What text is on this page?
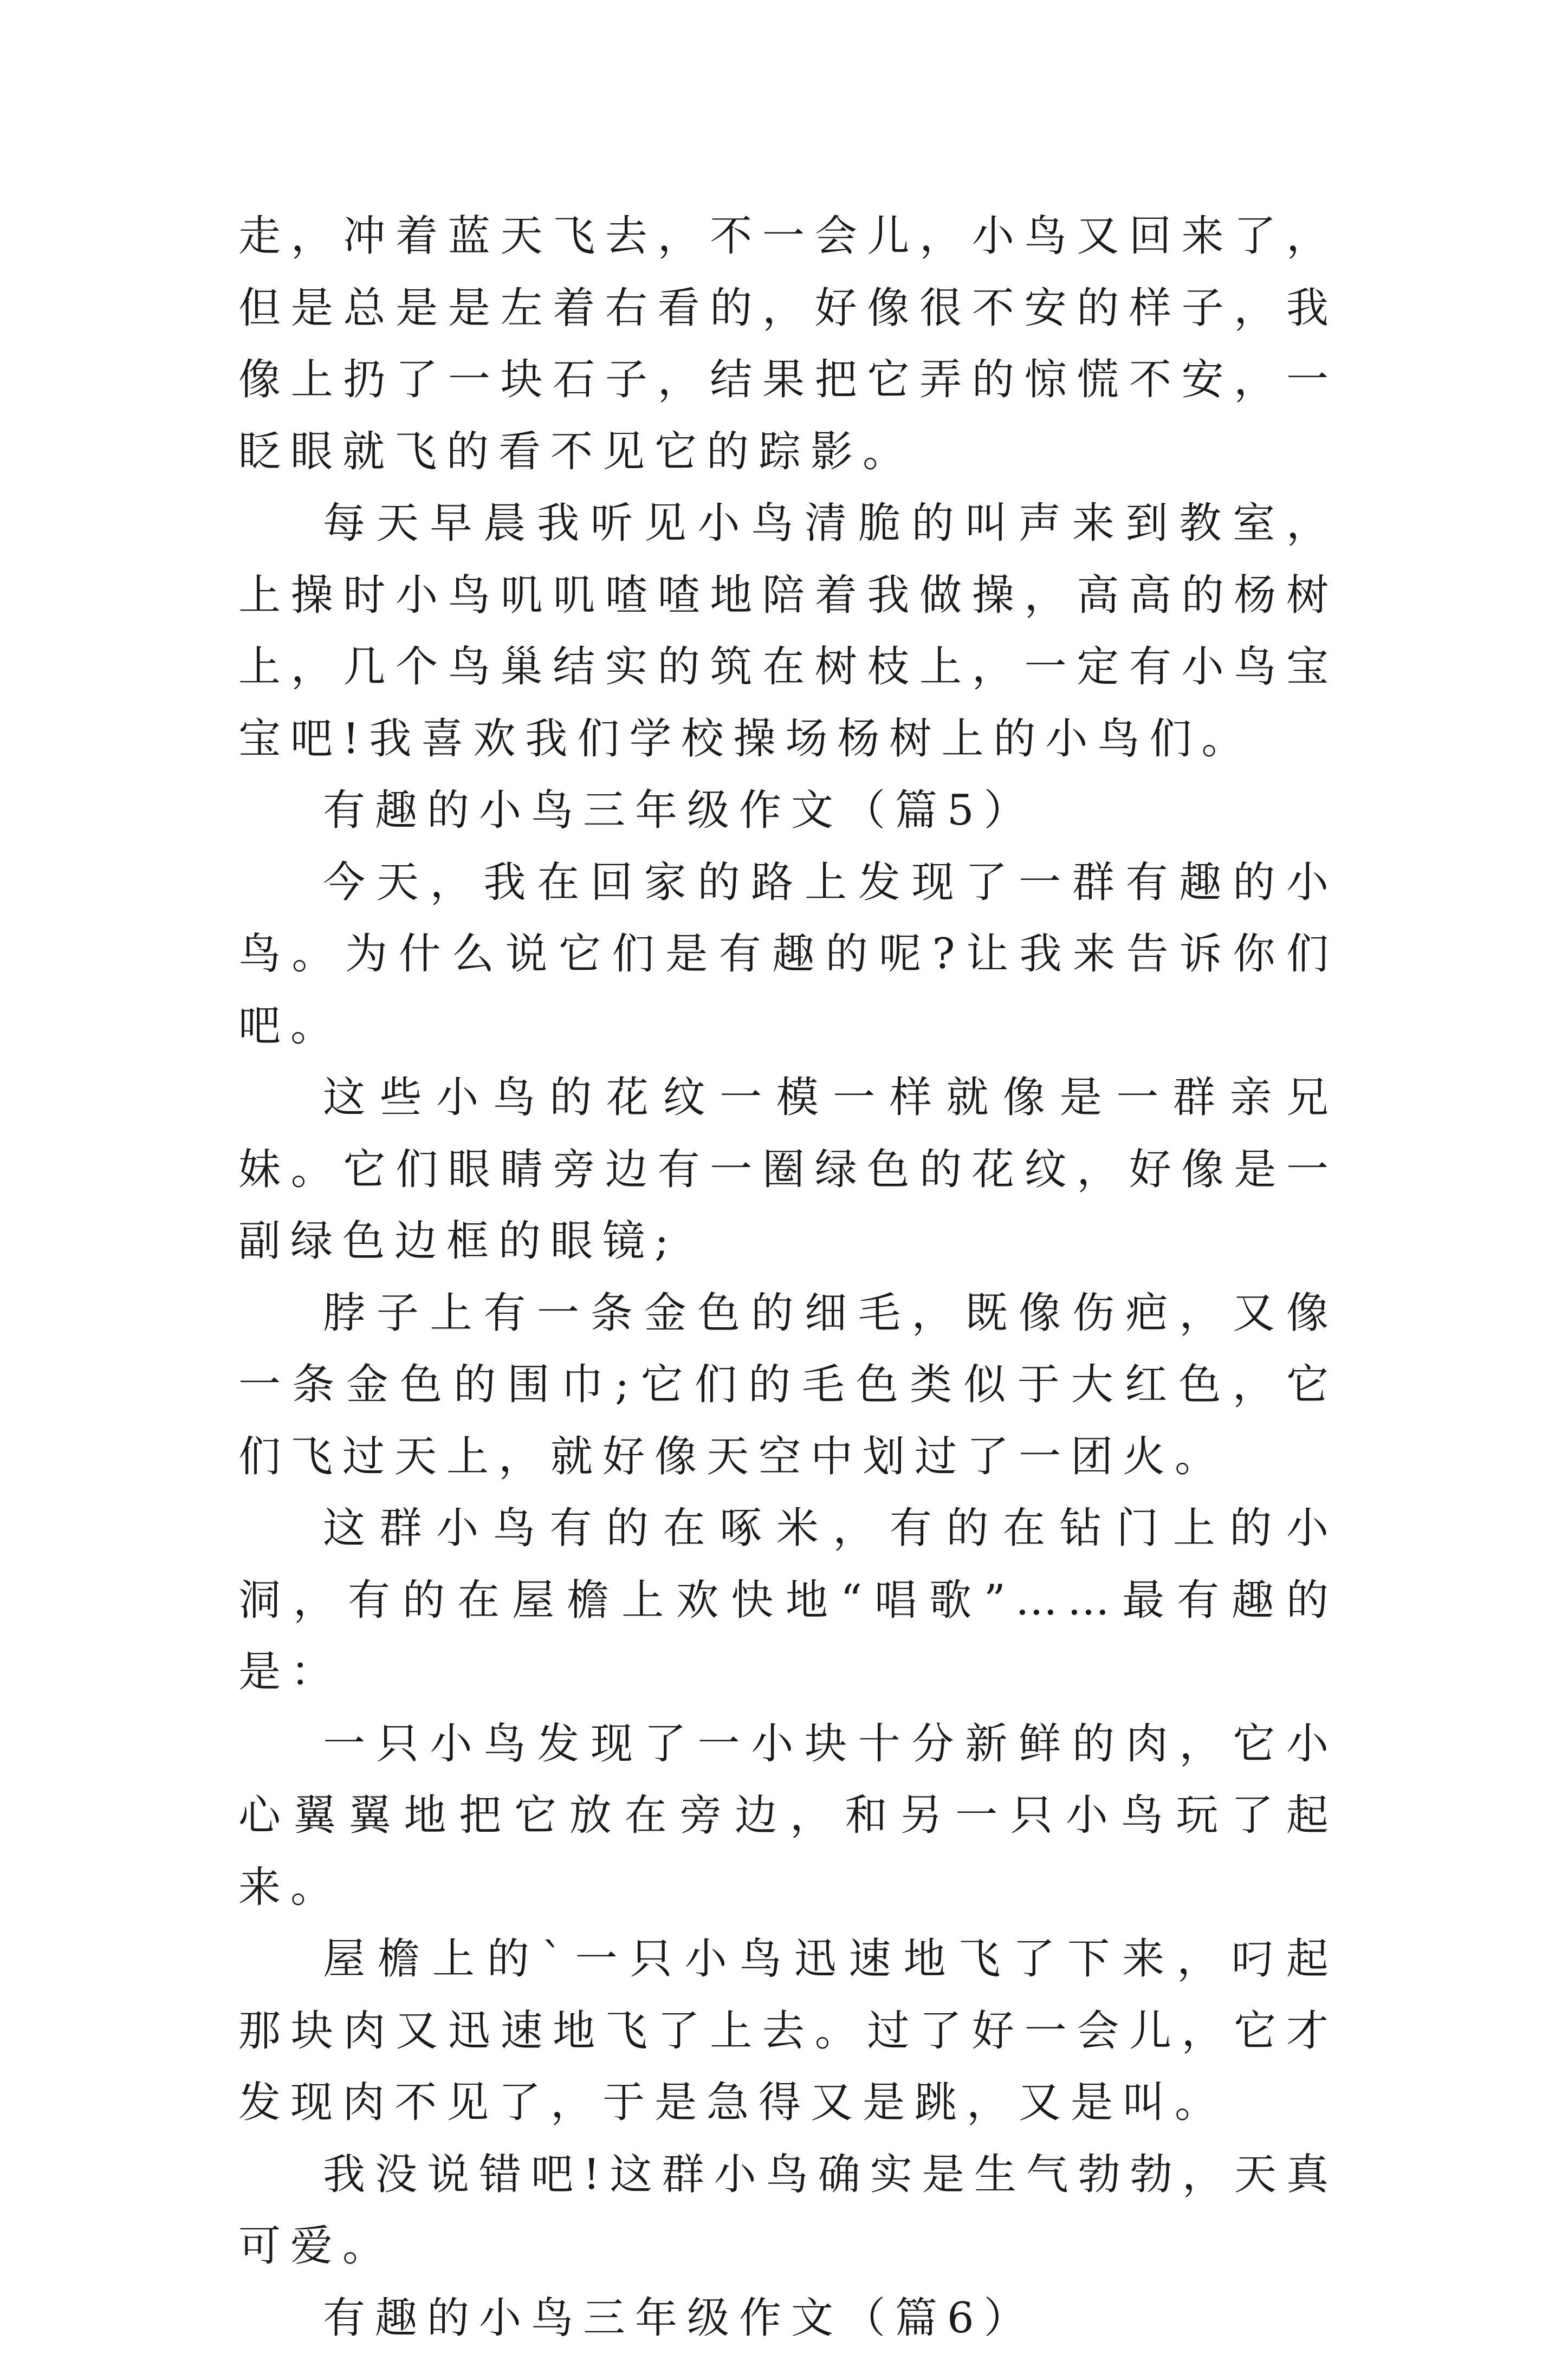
走，冲着蓝天飞去，不一会儿，小鸟又回来了，但是总是是左着右看的，好像很不安的样子，我像上扔了一块石子，结果把它弄的惊慌不安，一眨眼就飞的看不见它的踪影。

每天早晨我听见小鸟清脆的叫声来到教室，上操时小鸟叽叽喳喳地陪着我做操，高高的杨树上，几个鸟巢结实的筑在树枝上，一定有小鸟宝宝吧!我喜欢我们学校操场杨树上的小鸟们。

有趣的小鸟三年级作文（篇5）

今天，我在回家的路上发现了一群有趣的小鸟。为什么说它们是有趣的呢?让我来告诉你们吧。

这些小鸟的花纹一模一样就像是一群亲兄妹。它们眼睛旁边有一圈绿色的花纹，好像是一副绿色边框的眼镜;

脖子上有一条金色的细毛，既像伤疤，又像一条金色的围巾;它们的毛色类似于大红色，它们飞过天上，就好像天空中划过了一团火。

这群小鸟有的在啄米，有的在钻门上的小洞，有的在屋檐上欢快地“唱歌”……最有趣的是：

一只小鸟发现了一小块十分新鲜的肉，它小心翼翼地把它放在旁边，和另一只小鸟玩了起来。

屋檐上的`一只小鸟迅速地飞了下来，叼起那块肉又迅速地飞了上去。过了好一会儿，它才发现肉不见了，于是急得又是跳，又是叫。

我没说错吧!这群小鸟确实是生气勃勃，天真可爱。

有趣的小鸟三年级作文（篇6）
